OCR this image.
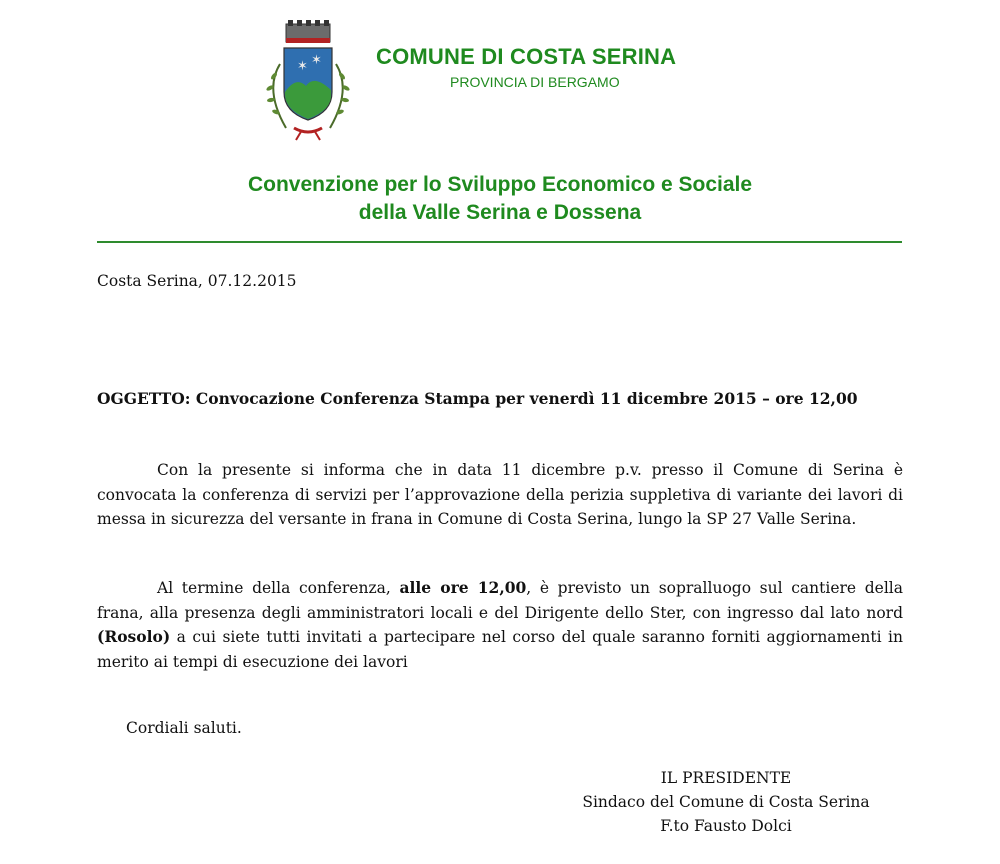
✶ ✶ COMUNE DI COSTA SERINA
PROVINCIA DI BERGAMO
Convenzione per lo Sviluppo Economico e Sociale
della Valle Serina e Dossena
Costa Serina, 07.12.2015
OGGETTO: Convocazione Conferenza Stampa per venerdì 11 dicembre 2015 – ore 12,00

Con la presente si informa che in data 11 dicembre p.v. presso il Comune di Serina è convocata la conferenza di servizi per l’approvazione della perizia suppletiva di variante dei lavori di messa in sicurezza del versante in frana in Comune di Costa Serina, lungo la SP 27 Valle Serina.

Al termine della conferenza, alle ore 12,00, è previsto un sopralluogo sul cantiere della frana, alla presenza degli amministratori locali e del Dirigente dello Ster, con ingresso dal lato nord (Rosolo) a cui siete tutti invitati a partecipare nel corso del quale saranno forniti aggiornamenti in merito ai tempi di esecuzione dei lavori

Cordiali saluti.
IL PRESIDENTE
Sindaco del Comune di Costa Serina
F.to Fausto Dolci
